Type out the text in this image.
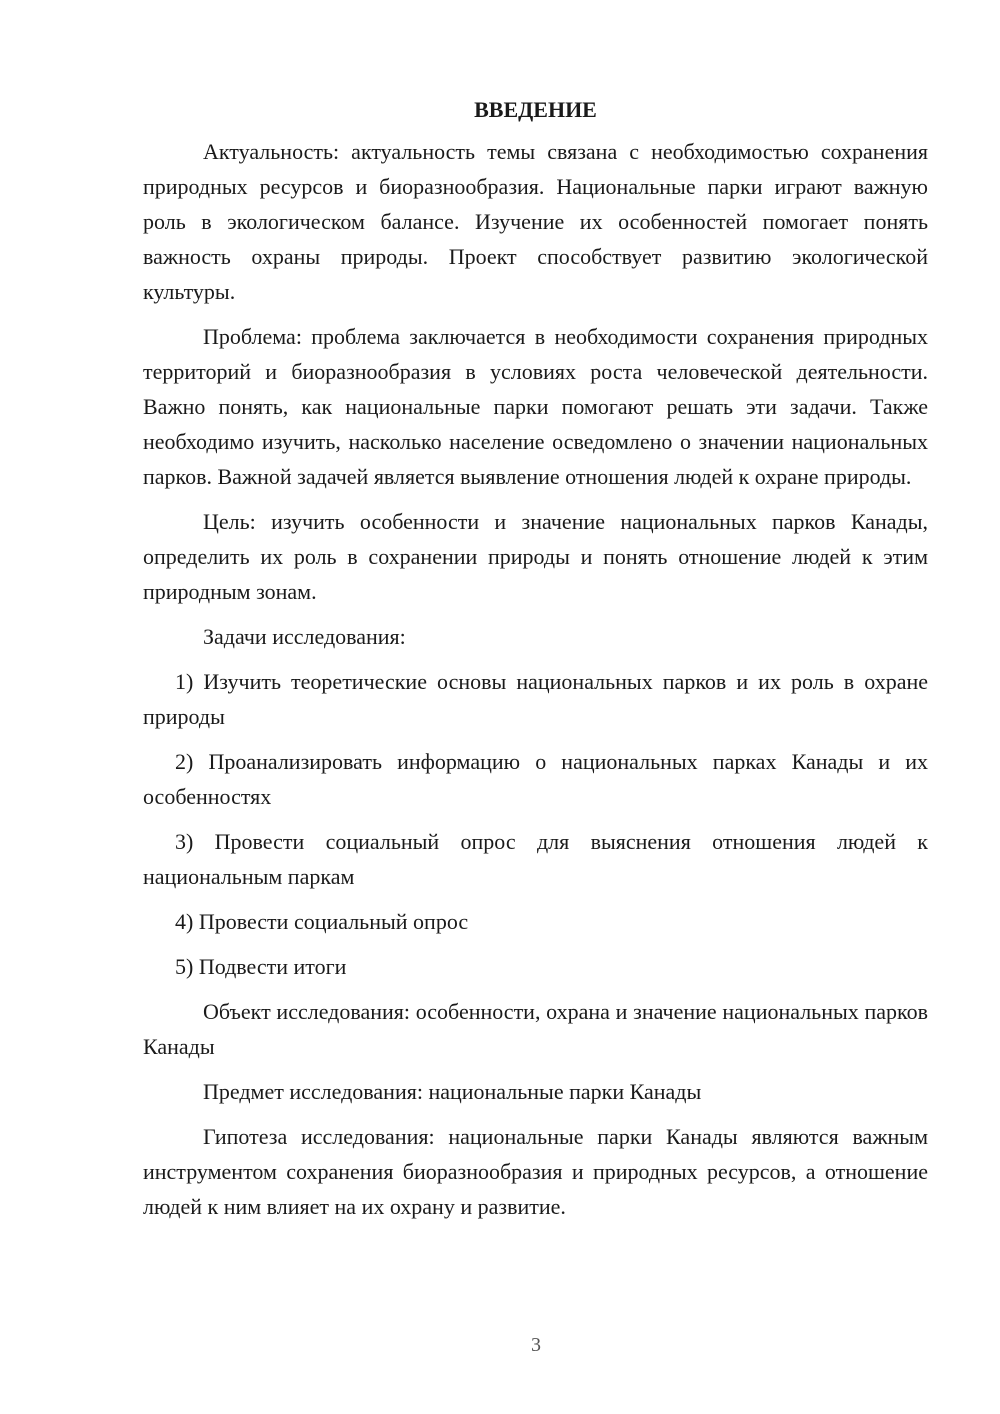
ВВЕДЕНИЕ

Актуальность: актуальность темы связана с необходимостью сохранения природных ресурсов и биоразнообразия. Национальные парки играют важную роль в экологическом балансе. Изучение их особенностей помогает понять важность охраны природы. Проект способствует развитию экологической культуры.

Проблема: проблема заключается в необходимости сохранения природных территорий и биоразнообразия в условиях роста человеческой деятельности. Важно понять, как национальные парки помогают решать эти задачи. Также необходимо изучить, насколько население осведомлено о значении национальных парков. Важной задачей является выявление отношения людей к охране природы.

Цель: изучить особенности и значение национальных парков Канады, определить их роль в сохранении природы и понять отношение людей к этим природным зонам.

Задачи исследования:

1) Изучить теоретические основы национальных парков и их роль в охране природы

2) Проанализировать информацию о национальных парках Канады и их особенностях

3) Провести социальный опрос для выяснения отношения людей к национальным паркам

4) Провести социальный опрос

5) Подвести итоги

Объект исследования: особенности, охрана и значение национальных парков Канады

Предмет исследования: национальные парки Канады

Гипотеза исследования: национальные парки Канады являются важным инструментом сохранения биоразнообразия и природных ресурсов, а отношение людей к ним влияет на их охрану и развитие.

3
